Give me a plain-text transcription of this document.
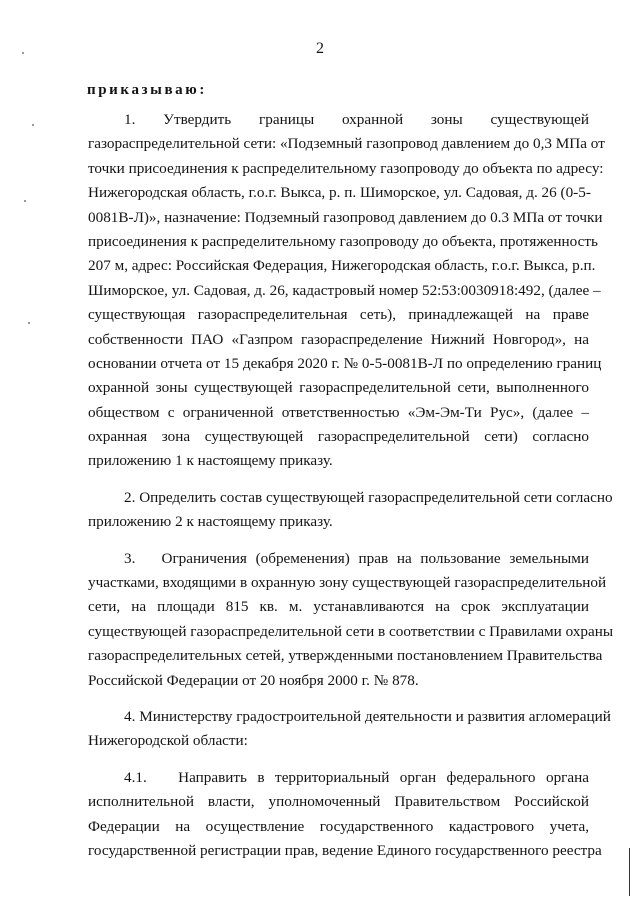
2
приказываю:
1.     Утвердить     границы     охранной     зоны     существующей
газораспределительной сети: «Подземный газопровод давлением до 0,3 МПа от
точки присоединения к распределительному газопроводу до объекта по адресу:
Нижегородская область, г.о.г. Выкса, р. п. Шиморское, ул. Садовая, д. 26 (0-5-
0081В-Л)», назначение: Подземный газопровод давлением до 0.3 МПа от точки
присоединения к распределительному газопроводу до объекта, протяженность
207 м, адрес: Российская Федерация, Нижегородская область, г.о.г. Выкса, р.п.
Шиморское, ул. Садовая, д. 26, кадастровый номер 52:53:0030918:492, (далее –
существующая газораспределительная сеть), принадлежащей на праве
собственности ПАО «Газпром газораспределение Нижний Новгород», на
основании отчета от 15 декабря 2020 г. № 0-5-0081В-Л по определению границ
охранной зоны существующей газораспределительной сети, выполненного
обществом с ограниченной ответственностью «Эм-Эм-Ти Рус», (далее –
охранная зона существующей газораспределительной сети) согласно
приложению 1 к настоящему приказу.
2. Определить состав существующей газораспределительной сети согласно
приложению 2 к настоящему приказу.
3.   Ограничения (обременения) прав на пользование земельными
участками, входящими в охранную зону существующей газораспределительной
сети, на площади 815 кв. м. устанавливаются на срок эксплуатации
существующей газораспределительной сети в соответствии с Правилами охраны
газораспределительных сетей, утвержденными постановлением Правительства
Российской Федерации от 20 ноября 2000 г. № 878.
4. Министерству градостроительной деятельности и развития агломераций
Нижегородской области:
4.1.   Направить в территориальный орган федерального органа
исполнительной власти, уполномоченный Правительством Российской
Федерации на осуществление государственного кадастрового учета,
государственной регистрации прав, ведение Единого государственного реестра
